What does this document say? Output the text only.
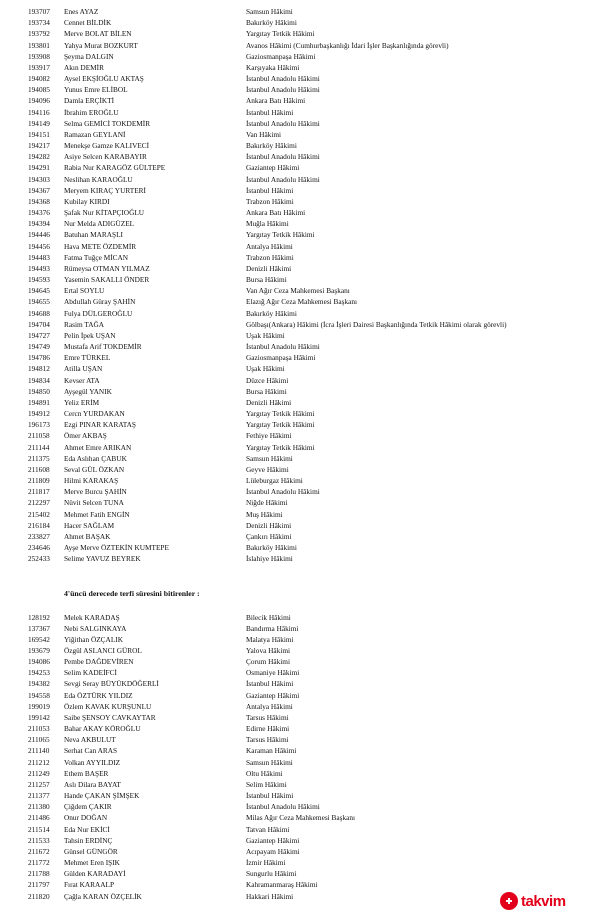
193707 Enes AYAZ	Samsun Hâkimi
193734 Cennet BİLDİK	Bakırköy Hâkimi
193792 Merve BOLAT BİLEN	Yargıtay Tetkik Hâkimi
193801 Yahya Murat BOZKURT	Avanos Hâkimi (Cumhurbaşkanlığı İdari İşler Başkanlığında görevli)
193908 Şeyma DALGIN	Gaziosmanpaşa Hâkimi
193917 Akın DEMİR	Karşıyaka Hâkimi
194082 Aysel EKŞİOĞLU AKTAŞ	İstanbul Anadolu Hâkimi
194085 Yunus Emre ELİBOL	İstanbul Anadolu Hâkimi
194096 Damla ERÇİKTİ	Ankara Batı Hâkimi
194116 İbrahim EROĞLU	İstanbul Hâkimi
194149 Selma GEMİCİ TOKDEMİR	İstanbul Anadolu Hâkimi
194151 Ramazan GEYLANİ	Van Hâkimi
194217 Menekşe Gamze KALIVECİ	Bakırköy Hâkimi
194282 Asiye Selcen KARABAYIR	İstanbul Anadolu Hâkimi
194291 Rabia Nur KARAGÖZ GÜLTEPE	Gaziantep Hâkimi
194303 Neslihan KARAOĞLU	İstanbul Anadolu Hâkimi
194367 Meryem KIRAÇ YURTERİ	İstanbul Hâkimi
194368 Kubilay KIRDI	Trabzon Hâkimi
194376 Şafak Nur KİTAPÇIOĞLU	Ankara Batı Hâkimi
194394 Nur Melda ADIGÜZEL	Muğla Hâkimi
194446 Batuhan MARAŞLI	Yargıtay Tetkik Hâkimi
194456 Hava METE ÖZDEMİR	Antalya Hâkimi
194483 Fatma Tuğçe MİCAN	Trabzon Hâkimi
194493 Rümeysa OTMAN YILMAZ	Denizli Hâkimi
194593 Yasemin SAKALLI ÖNDER	Bursa Hâkimi
194645 Ertal SOYLU	Van Ağır Ceza Mahkemesi Başkanı
194655 Abdullah Güray ŞAHİN	Elazığ Ağır Ceza Mahkemesi Başkanı
194688 Fulya DÜLGEROĞLU	Bakırköy Hâkimi
194704 Rasim TAĞA	Gölbaşı(Ankara) Hâkimi (İcra İşleri Dairesi Başkanlığında Tetkik Hâkimi olarak görevli)
194727 Pelin İpek UŞAN	Uşak Hâkimi
194749 Mustafa Arif TOKDEMİR	İstanbul Anadolu Hâkimi
194786 Emre TÜRKEL	Gaziosmanpaşa Hâkimi
194812 Atilla UŞAN	Uşak Hâkimi
194834 Kevser ATA	Düzce Hâkimi
194850 Ayşegül YANIK	Bursa Hâkimi
194891 Yeliz ERİM	Denizli Hâkimi
194912 Cercn YURDAKAN	Yargıtay Tetkik Hâkimi
196173 Ezgi PINAR KARATAŞ	Yargıtay Tetkik Hâkimi
211058 Ömer AKBAŞ	Fethiye Hâkimi
211144 Ahmet Emre ARIKAN	Yargıtay Tetkik Hâkimi
211375 Eda Aslıhan ÇABUK	Samsun Hâkimi
211608 Seval GÜL ÖZKAN	Geyve Hâkimi
211809 Hilmi KARAKAŞ	Lüleburgaz Hâkimi
211817 Merve Burcu ŞAHİN	İstanbul Anadolu Hâkimi
212297 Nüvit Selcen TUNA	Niğde Hâkimi
215402 Mehmet Fatih ENGİN	Muş Hâkimi
216184 Hacer SAĞLAM	Denizli Hâkimi
233827 Ahmet BAŞAK	Çankırı Hâkimi
234646 Ayşe Merve ÖZTEKİN KUMTEPE	Bakırköy Hâkimi
252433 Selime YAVUZ BEYREK	İslahiye Hâkimi
4'üncü derecede terfi süresini bitirenler :
128192 Melek KARADAŞ	Bilecik Hâkimi
137367 Nebi SALGINKAYA	Bandırma Hâkimi
169542 Yiğithan ÖZÇALIK	Malatya Hâkimi
193679 Özgül ASLANCI GÜROL	Yalova Hâkimi
194086 Pembe DAĞDEVİREN	Çorum Hâkimi
194253 Selim KADEİFCİ	Osmaniye Hâkimi
194382 Sevgi Seray BÜYÜKDÖĞERLİ	İstanbul Hâkimi
194558 Eda ÖZTÜRK YILDIZ	Gaziantep Hâkimi
199019 Özlem KAVAK KURŞUNLU	Antalya Hâkimi
199142 Saibe ŞENSOY CAVKAYTAR	Tarsus Hâkimi
211053 Bahar AKAY KÖROĞLU	Edirne Hâkimi
211065 Neva AKBULUT	Tarsus Hâkimi
211140 Serhat Can ARAS	Karaman Hâkimi
211212 Volkan AYYILDIZ	Samsun Hâkimi
211249 Ethem BAŞER	Oltu Hâkimi
211257 Aslı Dilara BAYAT	Selim Hâkimi
211377 Hande ÇAKAN ŞİMŞEK	İstanbul Hâkimi
211380 Çiğdem ÇAKIR	İstanbul Anadolu Hâkimi
211486 Onur DOĞAN	Milas Ağır Ceza Mahkemesi Başkanı
211514 Eda Nur EKİCİ	Tatvan Hâkimi
211533 Tahsin ERDİNÇ	Gaziantep Hâkimi
211672 Günsel GÜNGÖR	Acıpayam Hâkimi
211772 Mehmet Eren IŞIK	İzmir Hâkimi
211788 Gülden KARADAYİ	Sungurlu Hâkimi
211797 Fırat KARAALP	Kahramanmaraş Hâkimi
211820 Çağla KARAN ÖZÇELİK	Hakkari Hâkimi	takvim
